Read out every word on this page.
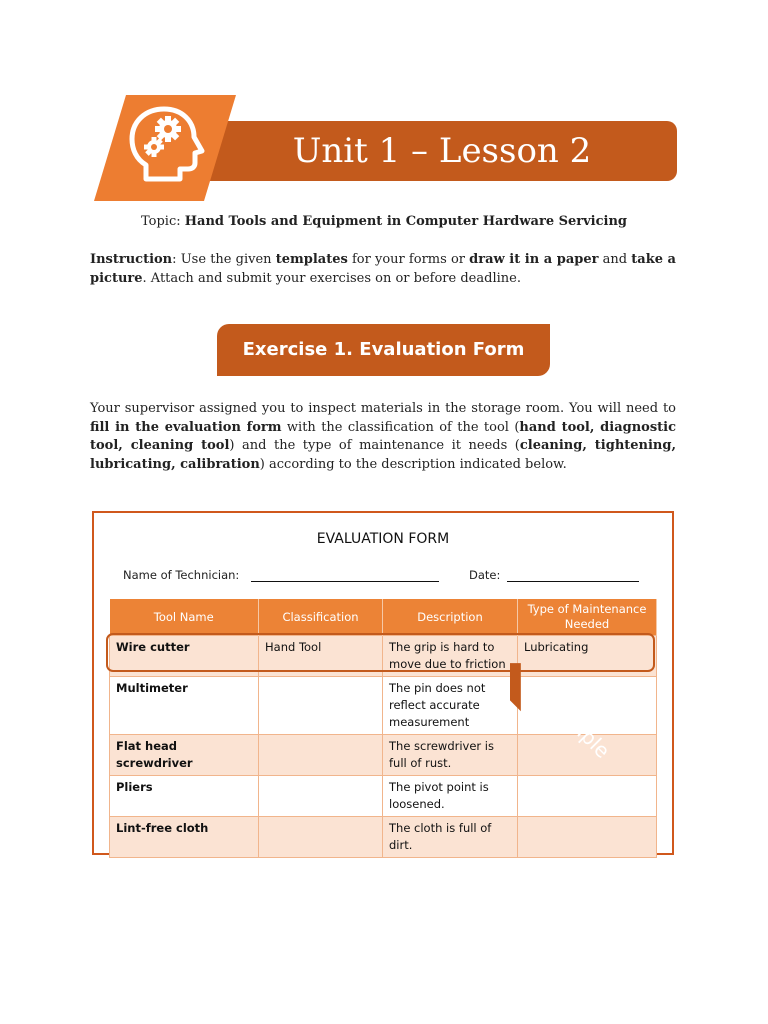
Unit 1 – Lesson 2
Topic: Hand Tools and Equipment in Computer Hardware Servicing
Instruction: Use the given templates for your forms or draw it in a paper and take a picture. Attach and submit your exercises on or before deadline.
Exercise 1. Evaluation Form
Your supervisor assigned you to inspect materials in the storage room. You will need to fill in the evaluation form with the classification of the tool (hand tool, diagnostic tool, cleaning tool) and the type of maintenance it needs (cleaning, tightening, lubricating, calibration) according to the description indicated below.
EVALUATION FORM
Name of Technician:	Date:
Tool Name	Classification	Description	Type of Maintenance Needed
Wire cutter	Hand Tool	The grip is hard to move due to friction	Lubricating
Multimeter		The pin does not reflect accurate measurement	
Flat head screwdriver		The screwdriver is full of rust.	
Pliers		The pivot point is loosened.	
Lint-free cloth		The cloth is full of dirt.	
Example
